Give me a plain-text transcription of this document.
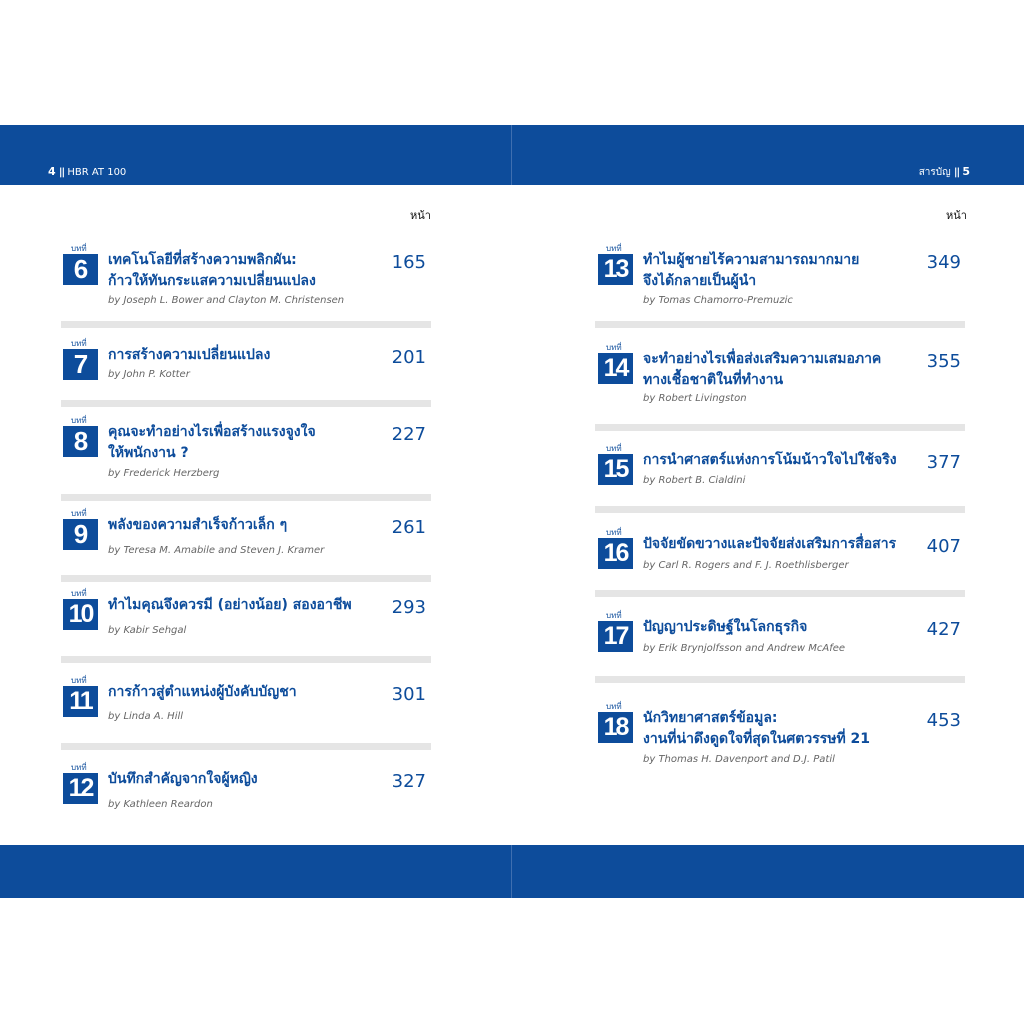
4 || HBR AT 100	สารบัญ || 5
หน้า	หน้า
บทที่
6	เทคโนโลยีที่สร้างความพลิกผัน:
ก้าวให้ทันกระแสความเปลี่ยนแปลง
by Joseph L. Bower and Clayton M. Christensen
165
บทที่
7	การสร้างความเปลี่ยนแปลง
by John P. Kotter
201
บทที่
8	คุณจะทำอย่างไรเพื่อสร้างแรงจูงใจ
ให้พนักงาน ?
by Frederick Herzberg
227
บทที่
9	พลังของความสำเร็จก้าวเล็ก ๆ
by Teresa M. Amabile and Steven J. Kramer
261
บทที่
10	ทำไมคุณจึงควรมี (อย่างน้อย) สองอาชีพ
by Kabir Sehgal
293
บทที่
11	การก้าวสู่ตำแหน่งผู้บังคับบัญชา
by Linda A. Hill
301
บทที่
12	บันทึกสำคัญจากใจผู้หญิง
by Kathleen Reardon
327
บทที่
13	ทำไมผู้ชายไร้ความสามารถมากมาย
จึงได้กลายเป็นผู้นำ
by Tomas Chamorro-Premuzic
349
บทที่
14	จะทำอย่างไรเพื่อส่งเสริมความเสมอภาค
ทางเชื้อชาติในที่ทำงาน
by Robert Livingston
355
บทที่
15	การนำศาสตร์แห่งการโน้มน้าวใจไปใช้จริง
by Robert B. Cialdini
377
บทที่
16	ปัจจัยขัดขวางและปัจจัยส่งเสริมการสื่อสาร
by Carl R. Rogers and F. J. Roethlisberger
407
บทที่
17	ปัญญาประดิษฐ์ในโลกธุรกิจ
by Erik Brynjolfsson and Andrew McAfee
427
บทที่
18	นักวิทยาศาสตร์ข้อมูล:
งานที่น่าดึงดูดใจที่สุดในศตวรรษที่ 21
by Thomas H. Davenport and D.J. Patil
453
